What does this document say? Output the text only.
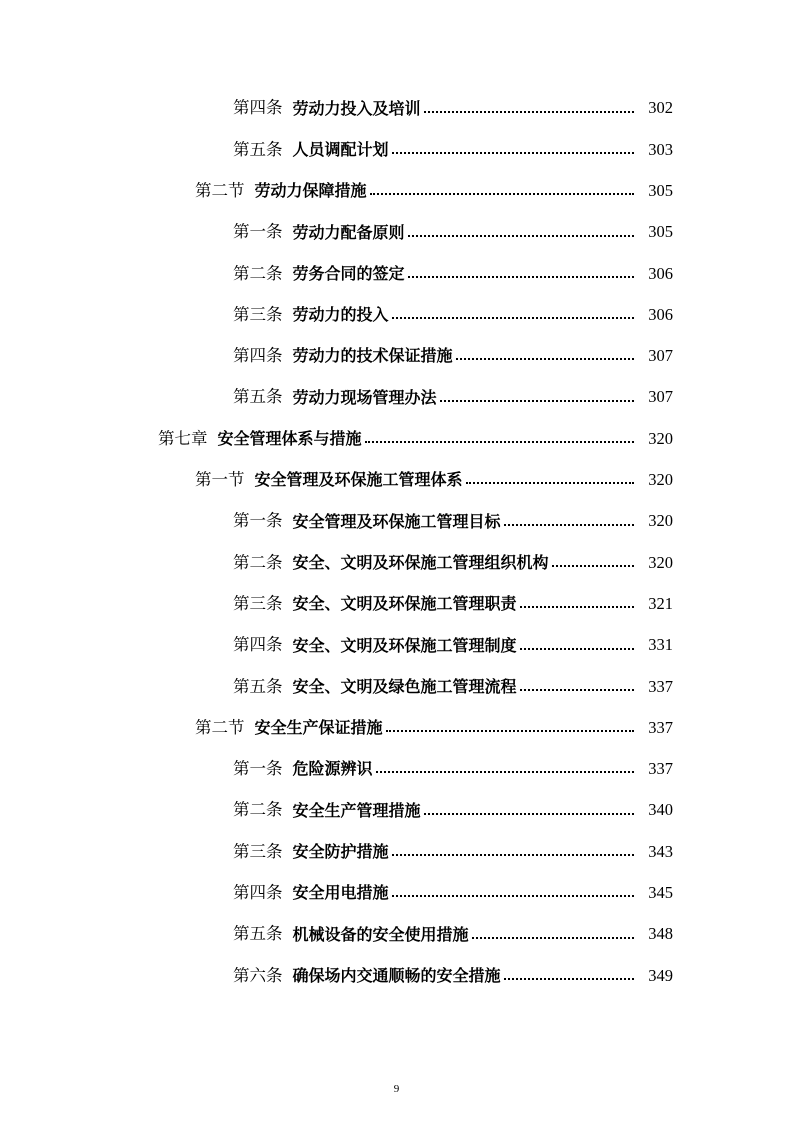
第四条 劳动力投入及培训	302
第五条 人员调配计划	303
第二节 劳动力保障措施	305
第一条 劳动力配备原则	305
第二条 劳务合同的签定	306
第三条 劳动力的投入	306
第四条 劳动力的技术保证措施	307
第五条 劳动力现场管理办法	307
第七章 安全管理体系与措施	320
第一节 安全管理及环保施工管理体系	320
第一条 安全管理及环保施工管理目标	320
第二条 安全、文明及环保施工管理组织机构	320
第三条 安全、文明及环保施工管理职责	321
第四条 安全、文明及环保施工管理制度	331
第五条 安全、文明及绿色施工管理流程	337
第二节 安全生产保证措施	337
第一条 危险源辨识	337
第二条 安全生产管理措施	340
第三条 安全防护措施	343
第四条 安全用电措施	345
第五条 机械设备的安全使用措施	348
第六条 确保场内交通顺畅的安全措施	349
9
